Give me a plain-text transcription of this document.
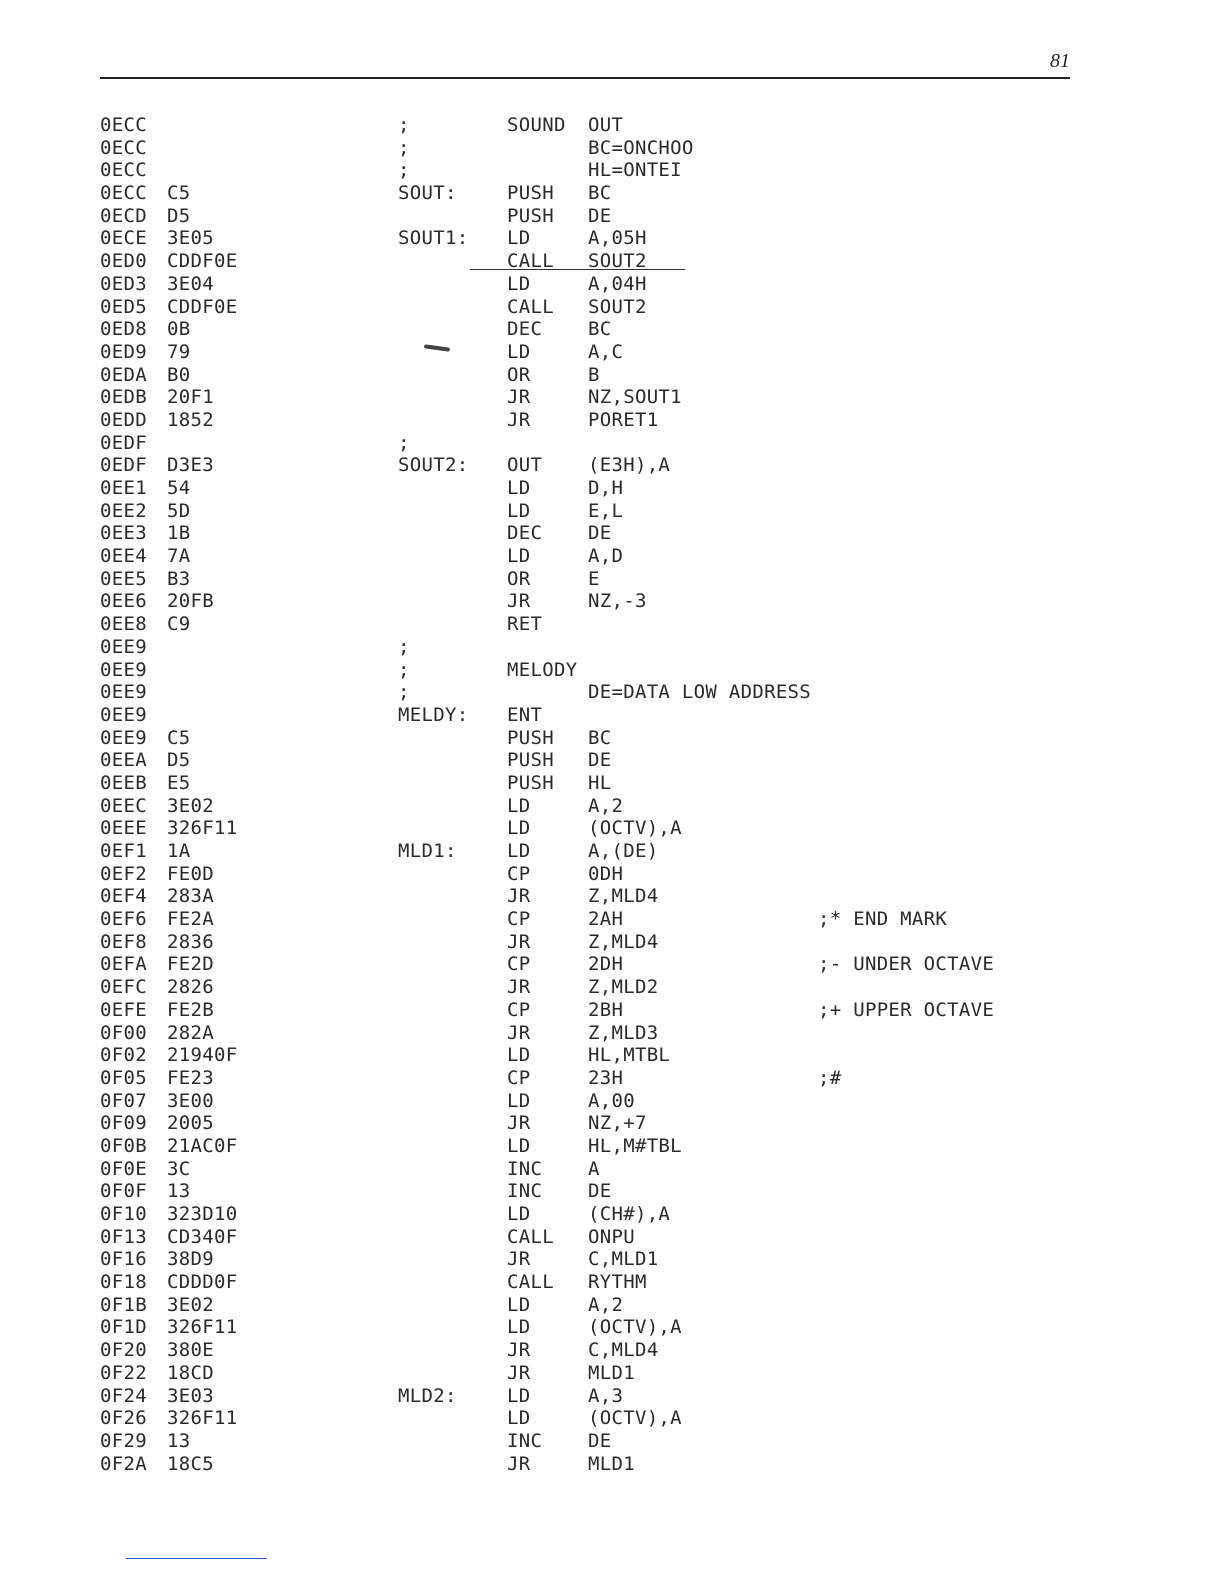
81
0ECC	;	SOUND OUT
0ECC	;	BC=ONCHOO
0ECC	;	HL=ONTEI
0ECC C5	SOUT:	PUSH BC
0ECD D5	PUSH DE
0ECE 3E05	SOUT1: LD	A,05H
0ED0 CDDF0E	CALL SOUT2
0ED3 3E04	LD	A,04H
0ED5 CDDF0E	CALL SOUT2
0ED8 0B	DEC BC
0ED9 79	LD	A,C
0EDA B0	OR	B
0EDB 20F1	JR	NZ,SOUT1
0EDD 1852	JR	PORET1
0EDF	;
0EDF D3E3	SOUT2: OUT (E3H),A
0EE1 54	LD	D,H
0EE2 5D	LD	E,L
0EE3 1B	DEC DE
0EE4 7A	LD	A,D
0EE5 B3	OR	E
0EE6 20FB	JR	NZ,-3
0EE8 C9	RET
0EE9	;
0EE9	;	MELODY
0EE9	;	DE=DATA LOW ADDRESS
0EE9	MELDY: ENT
0EE9 C5	PUSH BC
0EEA D5	PUSH DE
0EEB E5	PUSH HL
0EEC 3E02	LD	A,2
0EEE 326F11	LD	(OCTV),A
0EF1 1A	MLD1:	LD	A,(DE)
0EF2 FE0D	CP	0DH
0EF4 283A	JR	Z,MLD4
0EF6 FE2A	CP	2AH	;* END MARK
0EF8 2836	JR	Z,MLD4
0EFA FE2D	CP	2DH	;- UNDER OCTAVE
0EFC 2826	JR	Z,MLD2
0EFE FE2B	CP	2BH	;+ UPPER OCTAVE
0F00 282A	JR	Z,MLD3
0F02 21940F	LD	HL,MTBL
0F05 FE23	CP	23H	;#
0F07 3E00	LD	A,00
0F09 2005	JR	NZ,+7
0F0B 21AC0F	LD	HL,M#TBL
0F0E 3C	INC A
0F0F 13	INC DE
0F10 323D10	LD	(CH#),A
0F13 CD340F	CALL ONPU
0F16 38D9	JR	C,MLD1
0F18 CDDD0F	CALL RYTHM
0F1B 3E02	LD	A,2
0F1D 326F11	LD	(OCTV),A
0F20 380E	JR	C,MLD4
0F22 18CD	JR	MLD1
0F24 3E03	MLD2:	LD	A,3
0F26 326F11	LD	(OCTV),A
0F29 13	INC DE
0F2A 18C5	JR	MLD1
